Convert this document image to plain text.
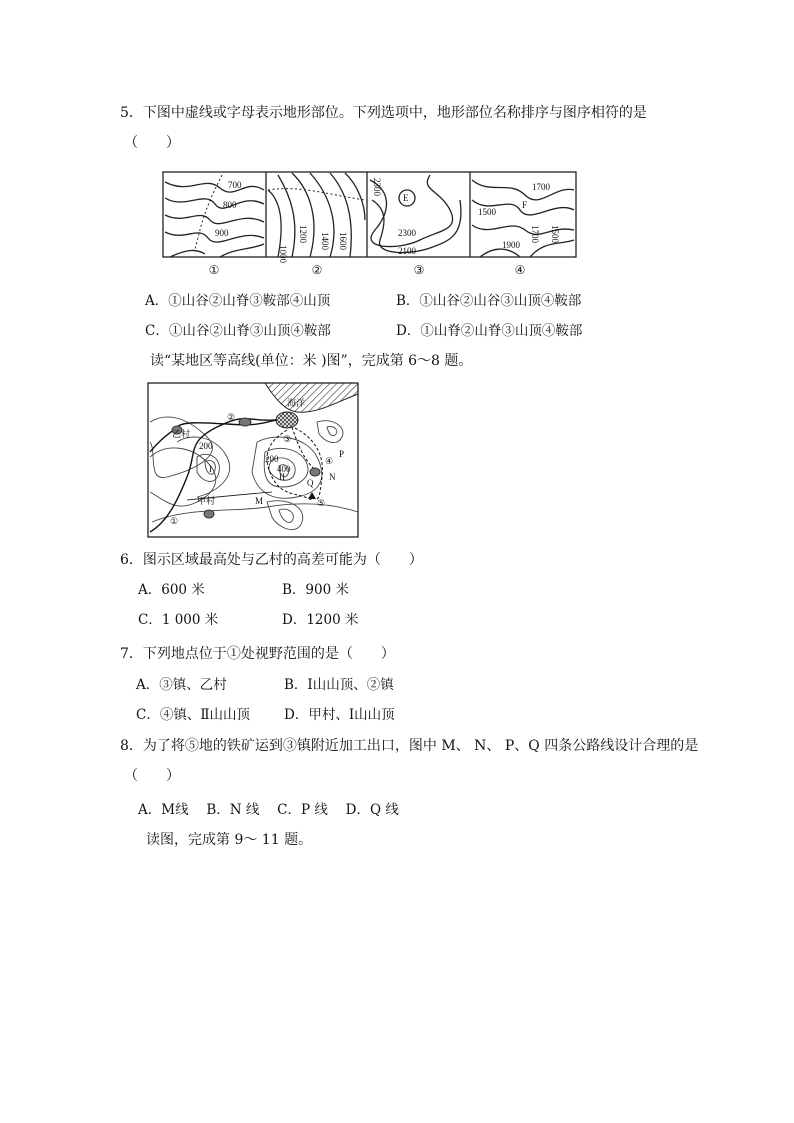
5．下图中虚线或字母表示地形部位。下列选项中，地形部位名称排序与图序相符的是
（　　）
700
800
900
1000
1200 1400 1600
2300
E
2300
2100
1700
F
1500
1900
1700 1500
①	②	③	④
A．①山谷②山脊③鞍部④山顶	B．①山谷②山谷③山顶④鞍部
C．①山谷②山脊③山顶④鞍部	D．①山脊②山脊③山顶④鞍部
读“某地区等高线(单位：米 )图”，完成第 6～8 题。
海洋
乙村
甲村
200
200
400
I
II
①
②
③
④
⑤
M
N
P
Q
6．图示区域最高处与乙村的高差可能为（　　）
A．600 米	B．900 米
C．1 000 米	D．1200 米
7．下列地点位于①处视野范围的是（　　）
A．③镇、乙村	B．Ⅰ山山顶、②镇
C．④镇、Ⅱ山山顶	D．甲村、Ⅰ山山顶
8．为了将⑤地的铁矿运到③镇附近加工出口，图中 M、 N、 P、Q 四条公路线设计合理的是
（　　）
A．M线　 B．N 线　 C．P 线　 D．Q 线
读图，完成第 9～ 11 题。
